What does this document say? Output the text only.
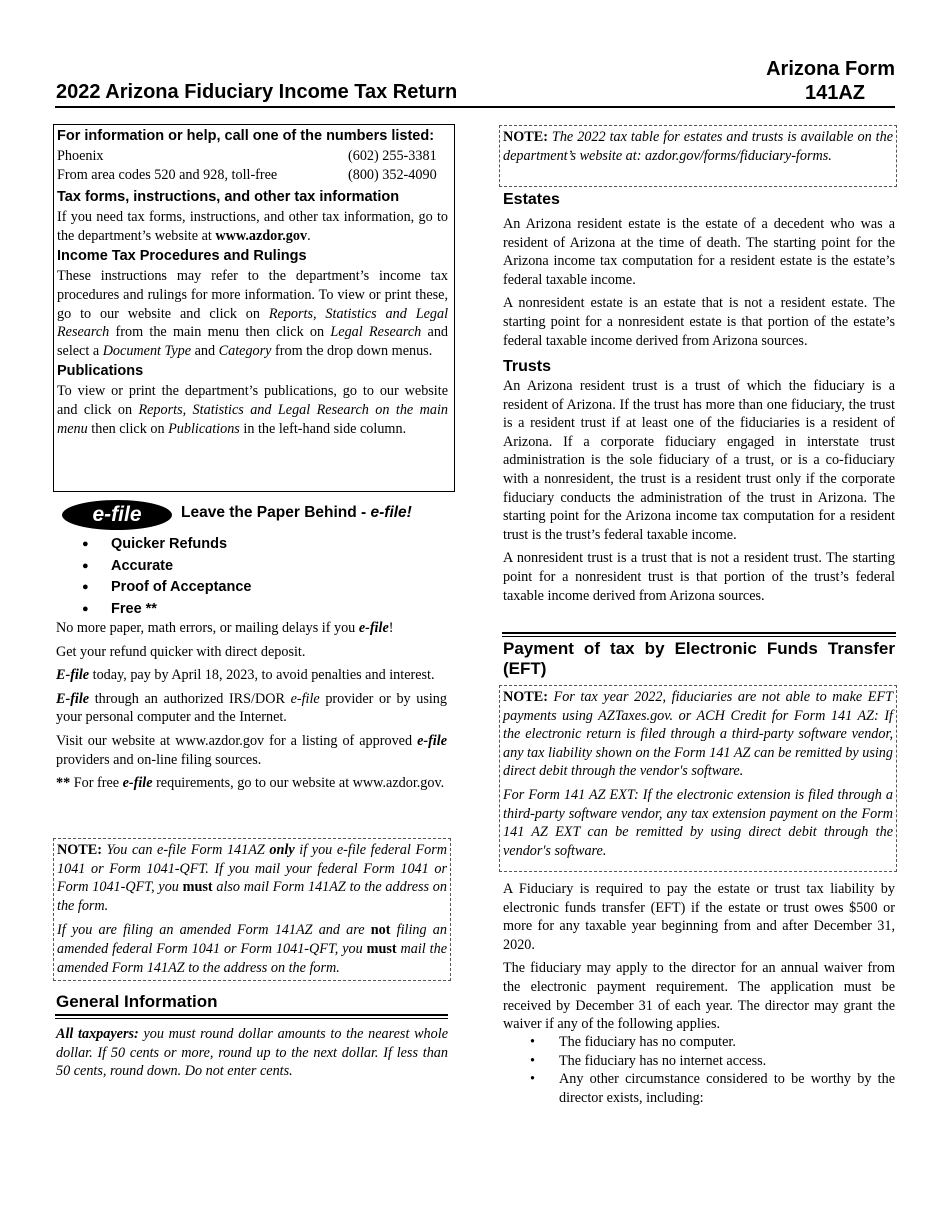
2022 Arizona Fiduciary Income Tax Return
Arizona Form
141AZ
For information or help, call one of the numbers listed:
Phoenix	(602) 255-3381
From area codes 520 and 928, toll-free	(800) 352-4090
Tax forms, instructions, and other tax information

If you need tax forms, instructions, and other tax information, go to the department’s website at www.azdor.gov.

Income Tax Procedures and Rulings

These instructions may refer to the department’s income tax procedures and rulings for more information. To view or print these, go to our website and click on Reports, Statistics and Legal Research from the main menu then click on Legal Research and select a Document Type and Category from the drop down menus.

Publications

To view or print the department’s publications, go to our website and click on Reports, Statistics and Legal Research on the main menu then click on Publications in the left-hand side column.

e-file	Leave the Paper Behind - e-file!
● Quicker Refunds
● Accurate
● Proof of Acceptance
● Free **

No more paper, math errors, or mailing delays if you e-file!

Get your refund quicker with direct deposit.

E-file today, pay by April 18, 2023, to avoid penalties and interest.

E-file through an authorized IRS/DOR e-file provider or by using your personal computer and the Internet.

Visit our website at www.azdor.gov for a listing of approved e-file providers and on-line filing sources.

** For free e-file requirements, go to our website at www.azdor.gov.

NOTE: You can e-file Form 141AZ only if you e-file federal Form 1041 or Form 1041-QFT. If you mail your federal Form 1041 or Form 1041-QFT, you must also mail Form 141AZ to the address on the form.

If you are filing an amended Form 141AZ and are not filing an amended federal Form 1041 or Form 1041-QFT, you must mail the amended Form 141AZ to the address on the form.

General Information
All taxpayers: you must round dollar amounts to the nearest whole dollar. If 50 cents or more, round up to the next dollar. If less than 50 cents, round down. Do not enter cents.
NOTE: The 2022 tax table for estates and trusts is available on the department’s website at: azdor.gov/forms/fiduciary-forms.
Estates

An Arizona resident estate is the estate of a decedent who was a resident of Arizona at the time of death. The starting point for the Arizona income tax computation for a resident estate is the estate’s federal taxable income.

A nonresident estate is an estate that is not a resident estate. The starting point for a nonresident estate is that portion of the estate’s federal taxable income derived from Arizona sources.

Trusts

An Arizona resident trust is a trust of which the fiduciary is a resident of Arizona. If the trust has more than one fiduciary, the trust is a resident trust if at least one of the fiduciaries is a resident of Arizona. If a corporate fiduciary engaged in interstate trust administration is the sole fiduciary of a trust, or is a co-fiduciary with a nonresident, the trust is a resident trust only if the corporate fiduciary conducts the administration of the trust in Arizona. The starting point for the Arizona income tax computation for a resident trust is the trust’s federal taxable income.

A nonresident trust is a trust that is not a resident trust. The starting point for a nonresident trust is that portion of the trust’s federal taxable income derived from Arizona sources.

Payment of tax by Electronic Funds Transfer (EFT)

NOTE: For tax year 2022, fiduciaries are not able to make EFT payments using AZTaxes.gov. or ACH Credit for Form 141 AZ: If the electronic return is filed through a third-party software vendor, any tax liability shown on the Form 141 AZ can be remitted by using direct debit through the vendor's software.

For Form 141 AZ EXT: If the electronic extension is filed through a third-party software vendor, any tax extension payment on the Form 141 AZ EXT can be remitted by using direct debit through the vendor's software.

A Fiduciary is required to pay the estate or trust tax liability by electronic funds transfer (EFT) if the estate or trust owes $500 or more for any taxable year beginning from and after December 31, 2020.

The fiduciary may apply to the director for an annual waiver from the electronic payment requirement. The application must be received by December 31 of each year. The director may grant the waiver if any of the following applies.

• The fiduciary has no computer.
• The fiduciary has no internet access.
• Any other circumstance considered to be worthy by the director exists, including:
